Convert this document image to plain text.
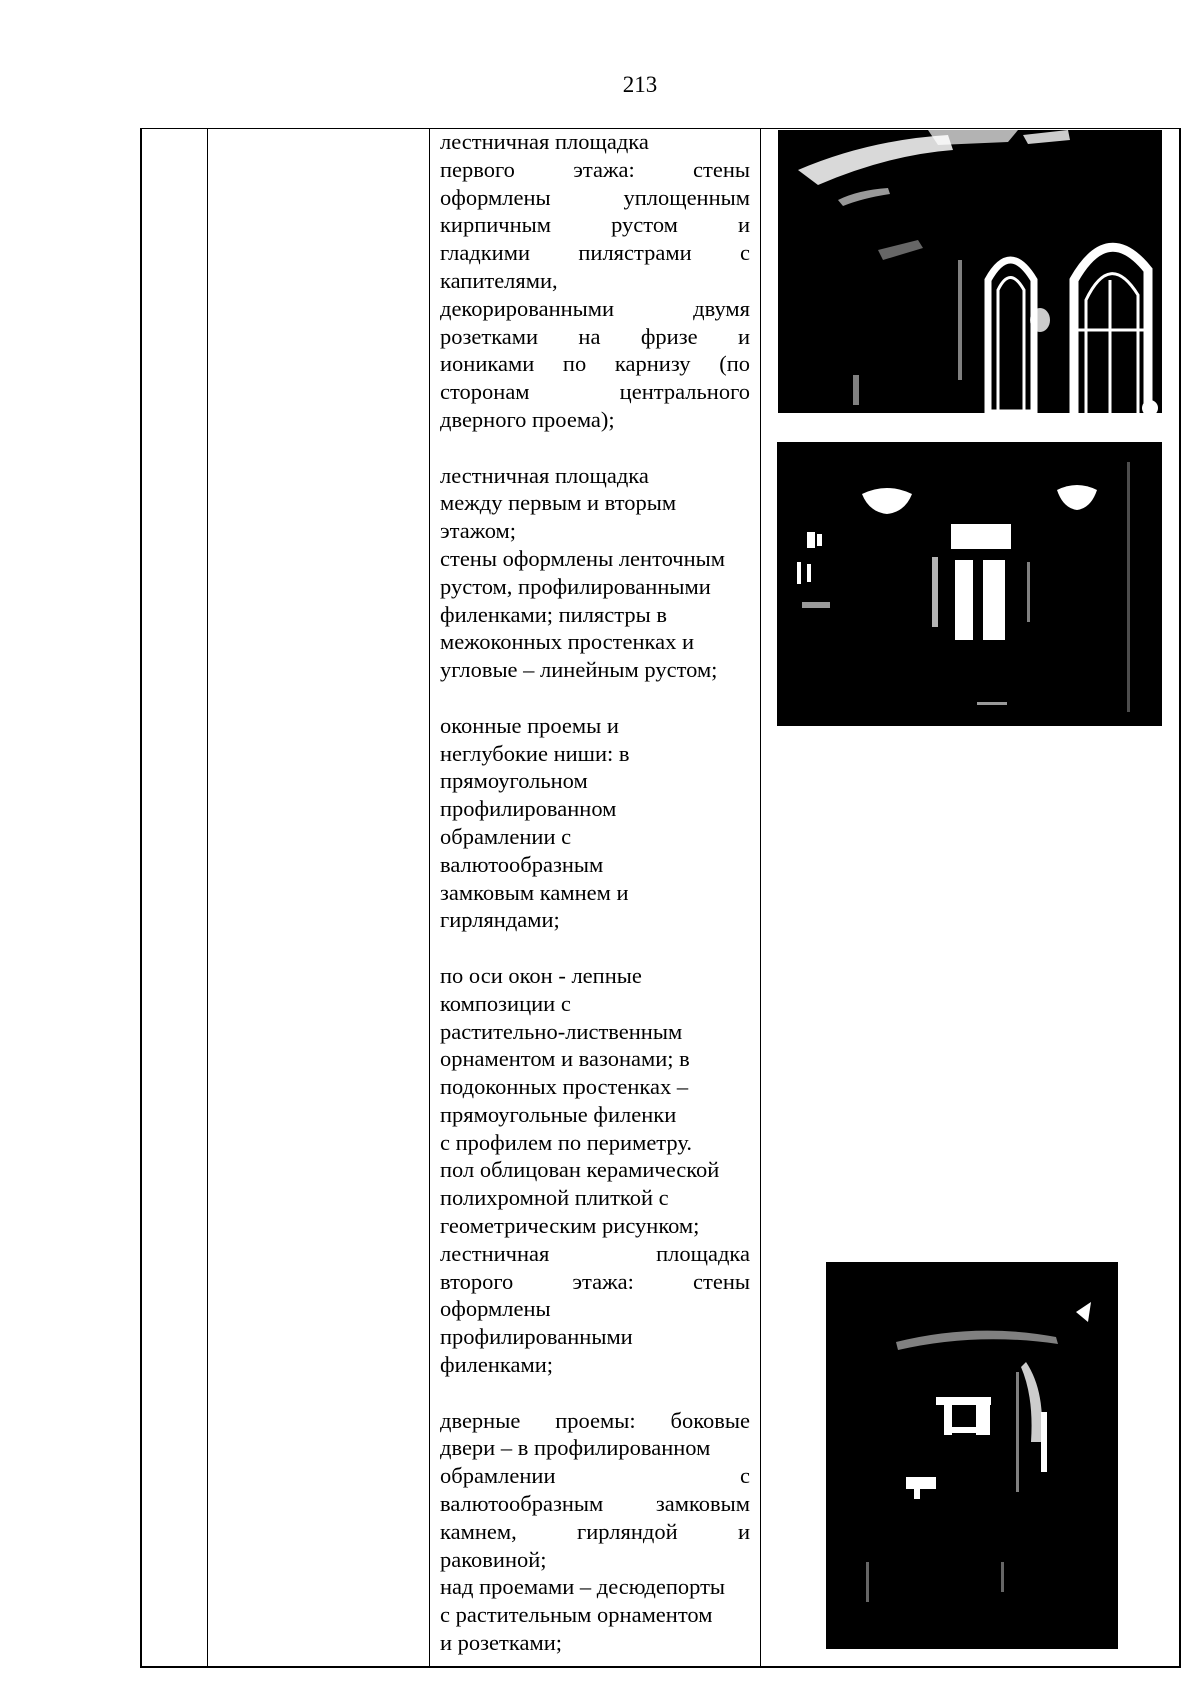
213
лестничная площадка
первого этажа: стены
оформлены уплощенным
кирпичным рустом и
гладкими пилястрами с
капителями,
декорированными двумя
розетками на фризе и
иониками по карнизу (по
сторонам центрального
дверного проема);
лестничная площадка
между первым и вторым
этажом;
стены оформлены ленточным
рустом, профилированными
филенками; пилястры в
межоконных простенках и
угловые – линейным рустом;
оконные проемы и
неглубокие ниши: в
прямоугольном
профилированном
обрамлении с
валютообразным
замковым камнем и
гирляндами;
по оси окон - лепные
композиции с
растительно-лиственным
орнаментом и вазонами; в
подоконных простенках –
прямоугольные филенки
с профилем по периметру.
пол облицован керамической
полихромной плиткой с
геометрическим рисунком;
лестничная площадка
второго этажа: стены
оформлены
профилированными
филенками;
дверные проемы: боковые
двери – в профилированном
обрамлении с
валютообразным замковым
камнем, гирляндой и
раковиной;
над проемами – десюдепорты
с растительным орнаментом
и розетками;
